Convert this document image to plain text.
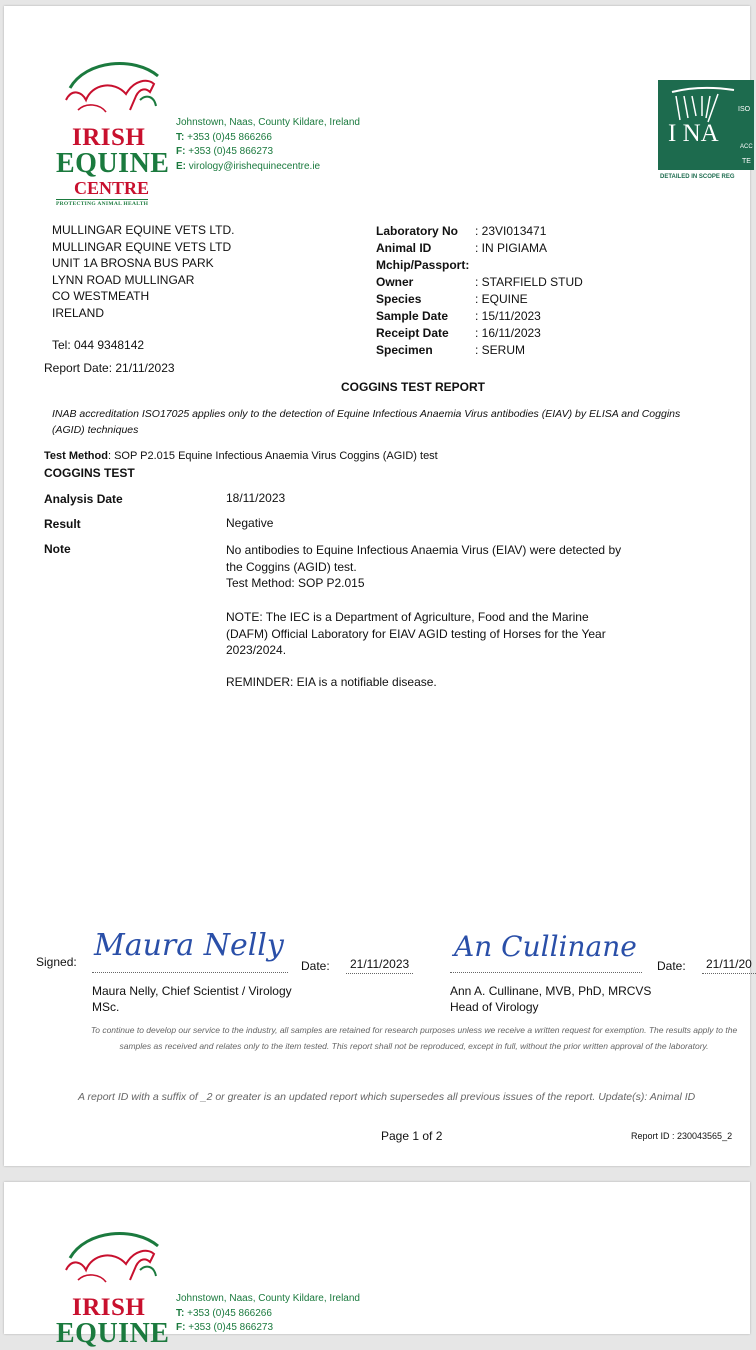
IRISH
EQUINE
CENTRE
PROTECTING ANIMAL HEALTH
Johnstown, Naas, County Kildare, Ireland
T: +353 (0)45 866266
F: +353 (0)45 866273
E: virology@irishequinecentre.ie
ISO
I NA	ACC
TE
DETAILED IN SCOPE REG
MULLINGAR EQUINE VETS LTD.
MULLINGAR EQUINE VETS LTD
UNIT 1A BROSNA BUS PARK
LYNN ROAD MULLINGAR
CO WESTMEATH
IRELAND
Tel: 044 9348142
Laboratory No : 23VI013471
Animal ID	: IN PIGIAMA
Mchip/Passport:
Owner	: STARFIELD STUD
Species	: EQUINE
Sample Date : 15/11/2023
Receipt Date : 16/11/2023
Specimen	: SERUM
Report Date: 21/11/2023
COGGINS TEST REPORT
INAB accreditation ISO17025 applies only to the detection of Equine Infectious Anaemia Virus antibodies (EIAV) by ELISA and Coggins (AGID) techniques
Test Method: SOP P2.015 Equine Infectious Anaemia Virus Coggins (AGID) test
COGGINS TEST
Analysis Date	18/11/2023
Result	Negative
Note	No antibodies to Equine Infectious Anaemia Virus (EIAV) were detected by
the Coggins (AGID) test.
Test Method: SOP P2.015
NOTE: The IEC is a Department of Agriculture, Food and the Marine
(DAFM) Official Laboratory for EIAV AGID testing of Horses for the Year
2023/2024.
REMINDER: EIA is a notifiable disease.
Signed: Maura Nelly
Date:	21/11/2023
An Cullinane
Date:	21/11/20
Maura Nelly, Chief Scientist / Virology
MSc.
Ann A. Cullinane, MVB, PhD, MRCVS
Head of Virology
To continue to develop our service to the industry, all samples are retained for research purposes unless we receive a written request for exemption. The results apply to the samples as received and relates only to the item tested. This report shall not be reproduced, except in full, without the prior written approval of the laboratory.
A report ID with a suffix of _2 or greater is an updated report which supersedes all previous issues of the report. Update(s): Animal ID
Page 1 of 2	Report ID : 230043565_2
IRISH
EQUINE
Johnstown, Naas, County Kildare, Ireland
T: +353 (0)45 866266
F: +353 (0)45 866273
